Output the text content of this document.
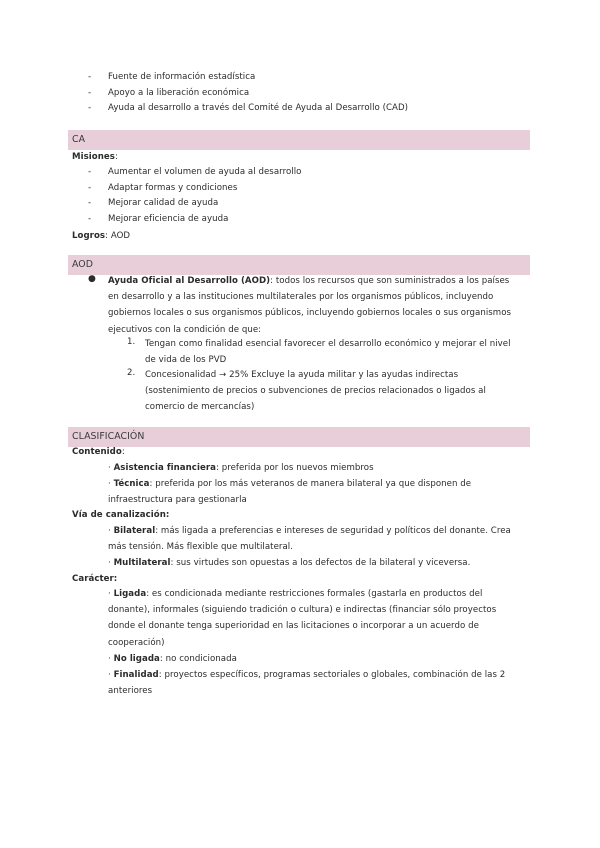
- Fuente de información estadística
- Apoyo a la liberación económica
- Ayuda al desarrollo a través del Comité de Ayuda al Desarrollo (CAD)
CA
Misiones:
- Aumentar el volumen de ayuda al desarrollo
- Adaptar formas y condiciones
- Mejorar calidad de ayuda
- Mejorar eficiencia de ayuda
Logros: AOD
AOD
● Ayuda Oficial al Desarrollo (AOD): todos los recursos que son suministrados a los países
en desarrollo y a las instituciones multilaterales por los organismos públicos, incluyendo
gobiernos locales o sus organismos públicos, incluyendo gobiernos locales o sus organismos
ejecutivos con la condición de que:
1. Tengan como finalidad esencial favorecer el desarrollo económico y mejorar el nivel
de vida de los PVD
2. Concesionalidad → 25% Excluye la ayuda militar y las ayudas indirectas
(sostenimiento de precios o subvenciones de precios relacionados o ligados al
comercio de mercancías)
CLASIFICACIÓN
Contenido:
· Asistencia financiera: preferida por los nuevos miembros
· Técnica: preferida por los más veteranos de manera bilateral ya que disponen de
infraestructura para gestionarla
Vía de canalización:
· Bilateral: más ligada a preferencias e intereses de seguridad y políticos del donante. Crea
más tensión. Más flexible que multilateral.
· Multilateral: sus virtudes son opuestas a los defectos de la bilateral y viceversa.
Carácter:
· Ligada: es condicionada mediante restricciones formales (gastarla en productos del
donante), informales (siguiendo tradición o cultura) e indirectas (financiar sólo proyectos
donde el donante tenga superioridad en las licitaciones o incorporar a un acuerdo de
cooperación)
· No ligada: no condicionada
· Finalidad: proyectos específicos, programas sectoriales o globales, combinación de las 2
anteriores
